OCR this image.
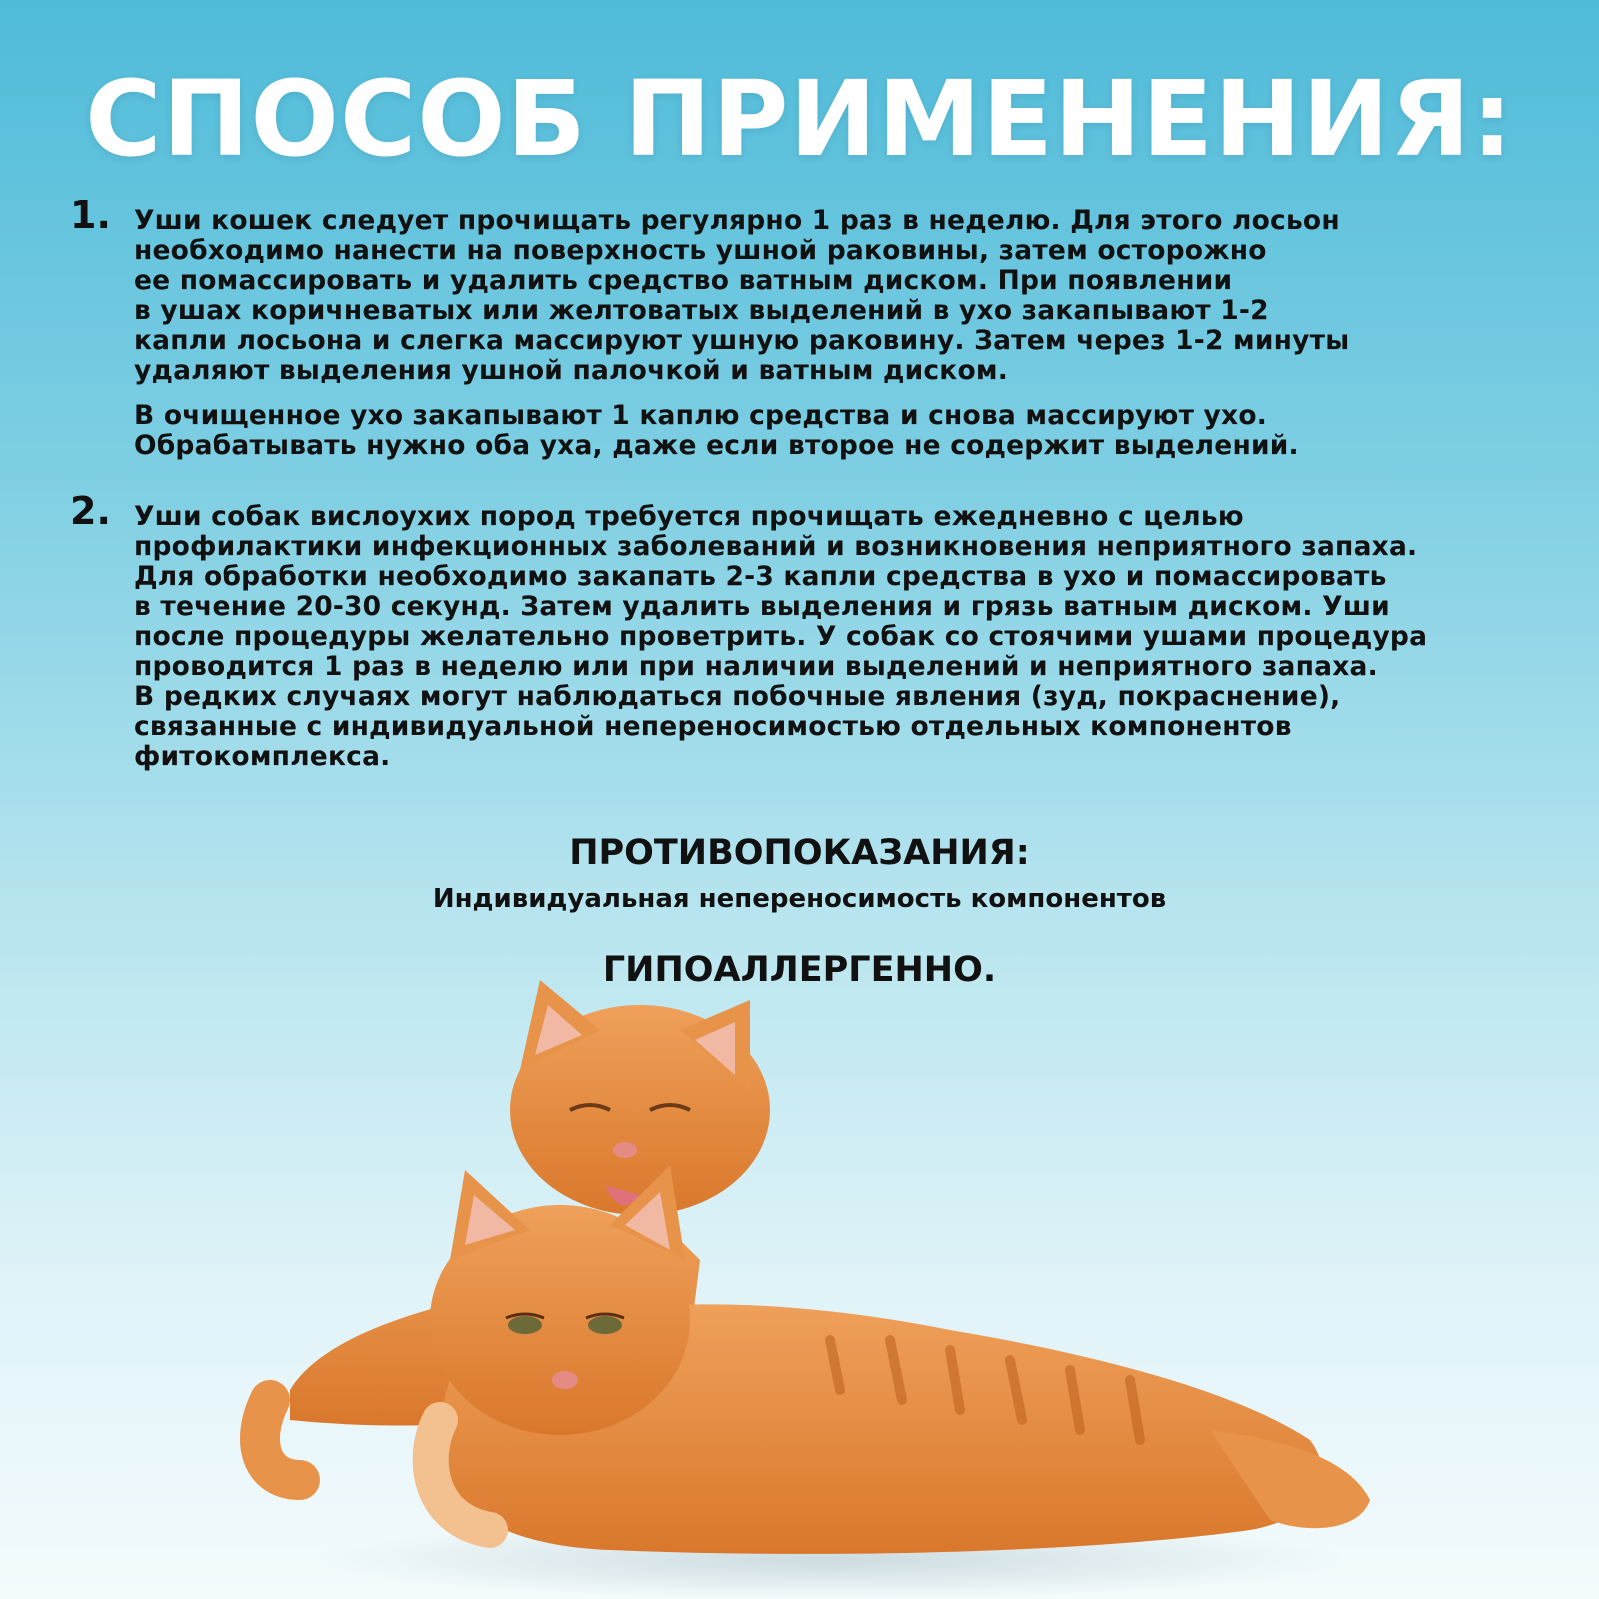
СПОСОБ ПРИМЕНЕНИЯ:
1. Уши кошек следует прочищать регулярно 1 раз в неделю. Для этого лосьон
необходимо нанести на поверхность ушной раковины, затем осторожно
ее помассировать и удалить средство ватным диском. При появлении
в ушах коричневатых или желтоватых выделений в ухо закапывают 1-2
капли лосьона и слегка массируют ушную раковину. Затем через 1-2 минуты
удаляют выделения ушной палочкой и ватным диском.

В очищенное ухо закапывают 1 каплю средства и снова массируют ухо.
Обрабатывать нужно оба уха, даже если второе не содержит выделений.

2. Уши собак вислоухих пород требуется прочищать ежедневно с целью
профилактики инфекционных заболеваний и возникновения неприятного запаха.
Для обработки необходимо закапать 2-3 капли средства в ухо и помассировать
в течение 20-30 секунд. Затем удалить выделения и грязь ватным диском. Уши
после процедуры желательно проветрить. У собак со стоячими ушами процедура
проводится 1 раз в неделю или при наличии выделений и неприятного запаха.
В редких случаях могут наблюдаться побочные явления (зуд, покраснение),
связанные с индивидуальной непереносимостью отдельных компонентов
фитокомплекса.

ПРОТИВОПОКАЗАНИЯ:

Индивидуальная непереносимость компонентов

ГИПОАЛЛЕРГЕННО.
